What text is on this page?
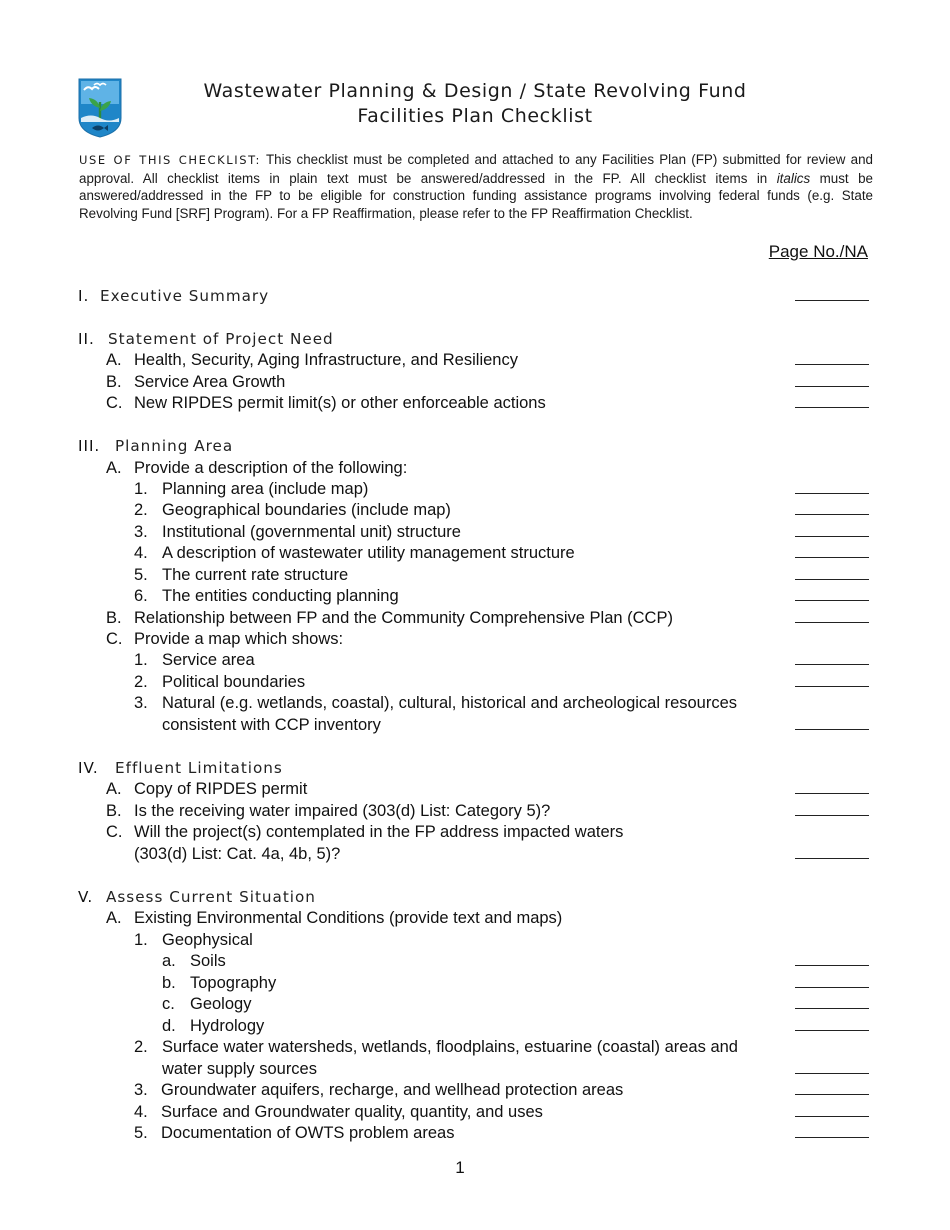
Wastewater Planning & Design / State Revolving Fund
Facilities Plan Checklist
USE OF THIS CHECKLIST: This checklist must be completed and attached to any Facilities Plan (FP) submitted for review and approval. All checklist items in plain text must be answered/addressed in the FP. All checklist items in italics must be answered/addressed in the FP to be eligible for construction funding assistance programs involving federal funds (e.g. State Revolving Fund [SRF] Program). For a FP Reaffirmation, please refer to the FP Reaffirmation Checklist.
Page No./NA
I. Executive Summary
II. Statement of Project Need
A. Health, Security, Aging Infrastructure, and Resiliency
B. Service Area Growth
C. New RIPDES permit limit(s) or other enforceable actions
III. Planning Area
A. Provide a description of the following:
1. Planning area (include map)
2. Geographical boundaries (include map)
3. Institutional (governmental unit) structure
4. A description of wastewater utility management structure
5. The current rate structure
6. The entities conducting planning
B. Relationship between FP and the Community Comprehensive Plan (CCP)
C. Provide a map which shows:
1. Service area
2. Political boundaries
3. Natural (e.g. wetlands, coastal), cultural, historical and archeological resources
consistent with CCP inventory
IV. Effluent Limitations
A. Copy of RIPDES permit
B. Is the receiving water impaired (303(d) List: Category 5)?
C. Will the project(s) contemplated in the FP address impacted waters
(303(d) List: Cat. 4a, 4b, 5)?
V. Assess Current Situation
A. Existing Environmental Conditions (provide text and maps)
1. Geophysical
a. Soils
b. Topography
c. Geology
d. Hydrology
2. Surface water watersheds, wetlands, floodplains, estuarine (coastal) areas and
water supply sources
3. Groundwater aquifers, recharge, and wellhead protection areas
4. Surface and Groundwater quality, quantity, and uses
5. Documentation of OWTS problem areas
1
